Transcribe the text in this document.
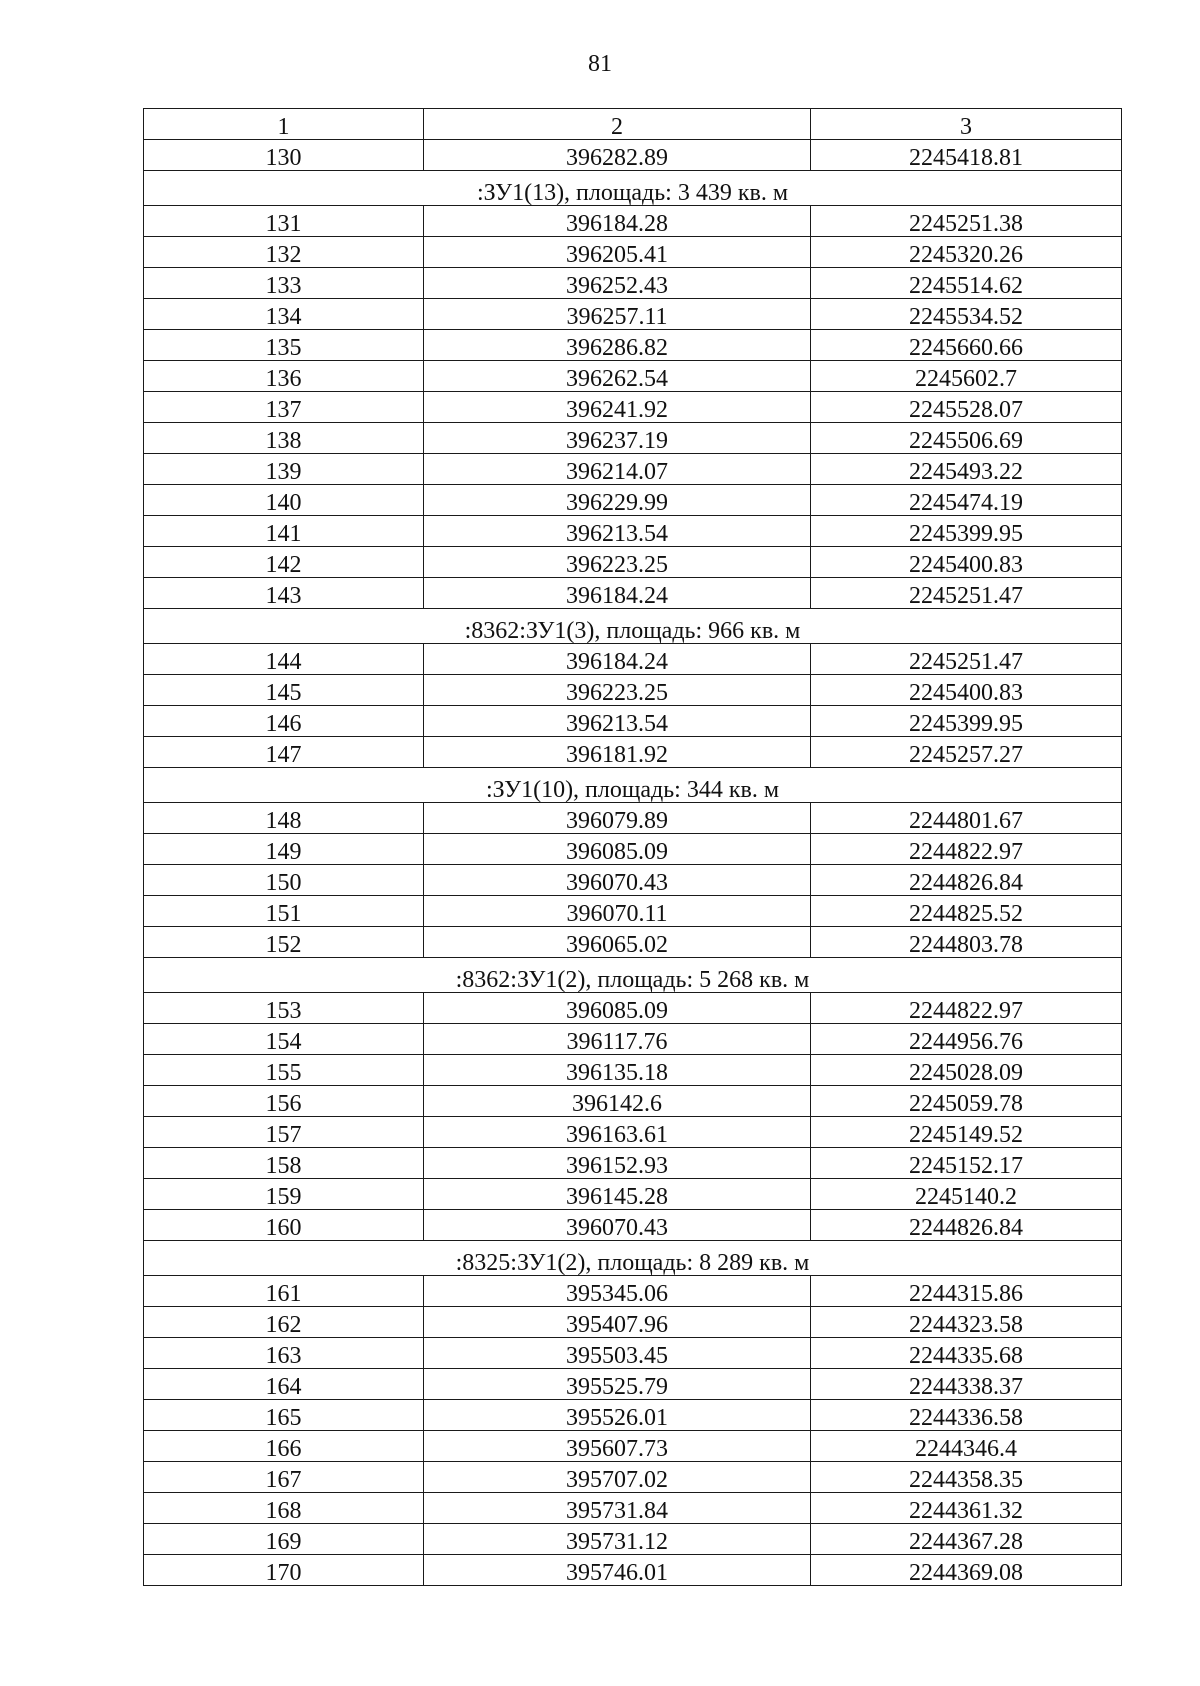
81
1	2	3
130	396282.89	2245418.81
:ЗУ1(13), площадь: 3 439 кв. м		
131	396184.28	2245251.38
132	396205.41	2245320.26
133	396252.43	2245514.62
134	396257.11	2245534.52
135	396286.82	2245660.66
136	396262.54	2245602.7
137	396241.92	2245528.07
138	396237.19	2245506.69
139	396214.07	2245493.22
140	396229.99	2245474.19
141	396213.54	2245399.95
142	396223.25	2245400.83
143	396184.24	2245251.47
:8362:ЗУ1(3), площадь: 966 кв. м		
144	396184.24	2245251.47
145	396223.25	2245400.83
146	396213.54	2245399.95
147	396181.92	2245257.27
:ЗУ1(10), площадь: 344 кв. м		
148	396079.89	2244801.67
149	396085.09	2244822.97
150	396070.43	2244826.84
151	396070.11	2244825.52
152	396065.02	2244803.78
:8362:ЗУ1(2), площадь: 5 268 кв. м		
153	396085.09	2244822.97
154	396117.76	2244956.76
155	396135.18	2245028.09
156	396142.6	2245059.78
157	396163.61	2245149.52
158	396152.93	2245152.17
159	396145.28	2245140.2
160	396070.43	2244826.84
:8325:ЗУ1(2), площадь: 8 289 кв. м		
161	395345.06	2244315.86
162	395407.96	2244323.58
163	395503.45	2244335.68
164	395525.79	2244338.37
165	395526.01	2244336.58
166	395607.73	2244346.4
167	395707.02	2244358.35
168	395731.84	2244361.32
169	395731.12	2244367.28
170	395746.01	2244369.08
